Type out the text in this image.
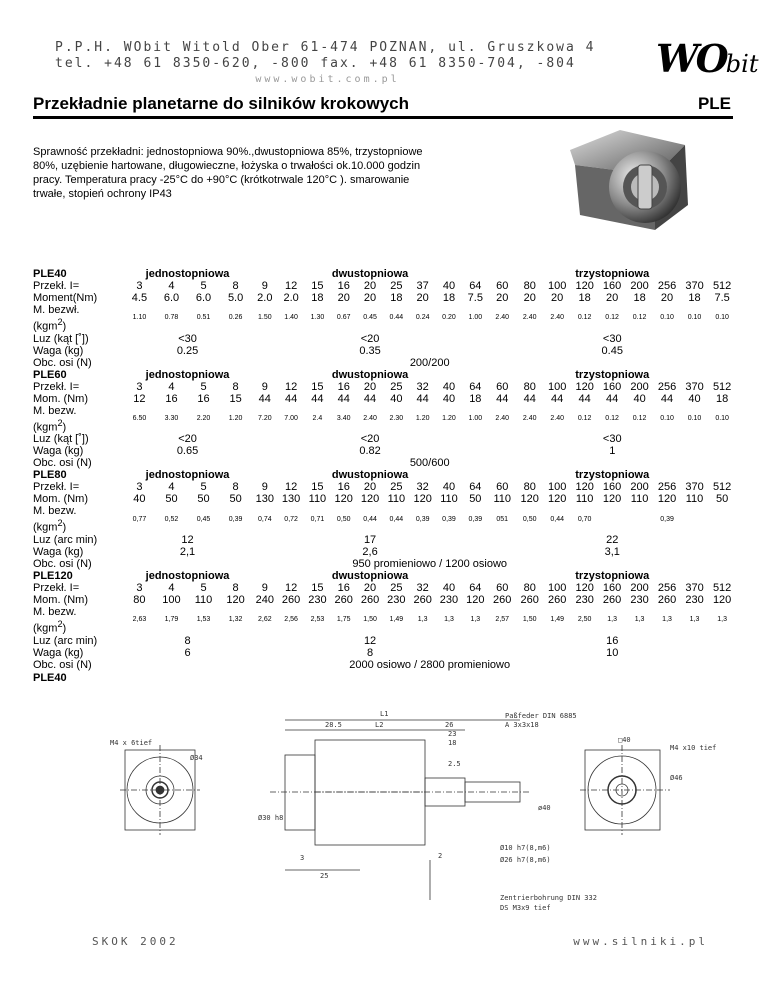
P.P.H. WObit Witold Ober 61-474 POZNAN, ul. Gruszkowa 4
tel. +48 61 8350-620, -800 fax. +48 61 8350-704, -804
www.wobit.com.pl	WObit
Przekładnie planetarne do silników krokowych	PLE
Sprawność przekładni: jednostopniowa 90%.,dwustopniowa 85%, trzystopniowe 80%, uzębienie hartowane, długowieczne, łożyska o trwałości ok.10.000 godzin pracy. Temperatura pracy -25°C do +90°C (krótkotrwale 120°C ). smarowanie trwałe, stopień ochrony IP43
PLE40	jednostopniowa				dwustopniowa									trzystopniowa								
Przekł. I=	3	4	5	8	9	12	15	16	20	25	37	40	64	60	80	100	120	160	200	256	370	512
Moment(Nm)	4.5	6.0	6.0	5.0	2.0	2.0	18	20	20	18	20	18	7.5	20	20	20	18	20	18	20	18	7.5
M. bezwł.
(kgm$^2$)	1.10	0.78	0.51	0.26	1.50	1.40	1.30	0.67	0.45	0.44	0.24	0.20	1.00	2.40	2.40	2.40	0.12	0.12	0.12	0.10	0.10	0.10
Luz (kąt [˚])	<30				<20									<30								
Waga (kg)	0.25				0.35									0.45								
Obc. osi (N)	200/200																					
PLE60	jednostopniowa				dwustopniowa									trzystopniowa								
Przekł. I=	3	4	5	8	9	12	15	16	20	25	32	40	64	60	80	100	120	160	200	256	370	512
Mom. (Nm)	12	16	16	15	44	44	44	44	44	40	44	40	18	44	44	44	44	44	40	44	40	18
M. bezw.
(kgm$^2$)	6.50	3.30	2.20	1.20	7.20	7.00	2.4	3.40	2.40	2.30	1.20	1.20	1.00	2.40	2.40	2.40	0.12	0.12	0.12	0.10	0.10	0.10
Luz (kąt [˚])	<20				<20									<30								
Waga (kg)	0.65				0.82									1								
Obc. osi (N)	500/600																					
PLE80	jednostopniowa				dwustopniowa									trzystopniowa								
Przekł. I=	3	4	5	8	9	12	15	16	20	25	32	40	64	60	80	100	120	160	200	256	370	512
Mom. (Nm)	40	50	50	50	130	130	110	120	120	110	120	110	50	110	120	120	110	120	110	120	110	50
M. bezw.
(kgm$^2$)	0,77	0,52	0,45	0,39	0,74	0,72	0,71	0,50	0,44	0,44	0,39	0,39	0,39	051	0,50	0,44	0,70			0,39		
Luz (arc min)	12				17									22								
Waga (kg)	2,1				2,6									3,1								
Obc. osi (N)	950 promieniowo / 1200 osiowo																					
PLE120	jednostopniowa				dwustopniowa									trzystopniowa								
Przekł. I=	3	4	5	8	9	12	15	16	20	25	32	40	64	60	80	100	120	160	200	256	370	512
Mom. (Nm)	80	100	110	120	240	260	230	260	260	230	260	230	120	260	260	260	230	260	230	260	230	120
M. bezw.
(kgm$^2$)	2,63	1,79	1,53	1,32	2,62	2,56	2,53	1,75	1,50	1,49	1,3	1,3	1,3	2,57	1,50	1,49	2,50	1,3	1,3	1,3	1,3	1,3
Luz (arc min)	8				12									16								
Waga (kg)	6				8									10								
Obc. osi (N)	2000 osiowo / 2800 promieniowo																					
PLE40
L1
L2
28.5	26
23
18
2.5
ø40
□40
M4 x10 tief
M4 x 6tief
Paßfeder DIN 6885
A 3x3x18
Ø30 h8
Ø10 h7(8,m6)
Ø26 h7(8,m6)
Ø34
Ø46
3
25
2
Zentrierbohrung DIN 332
DS M3x9 tief
SKOK 2002	www.silniki.pl
